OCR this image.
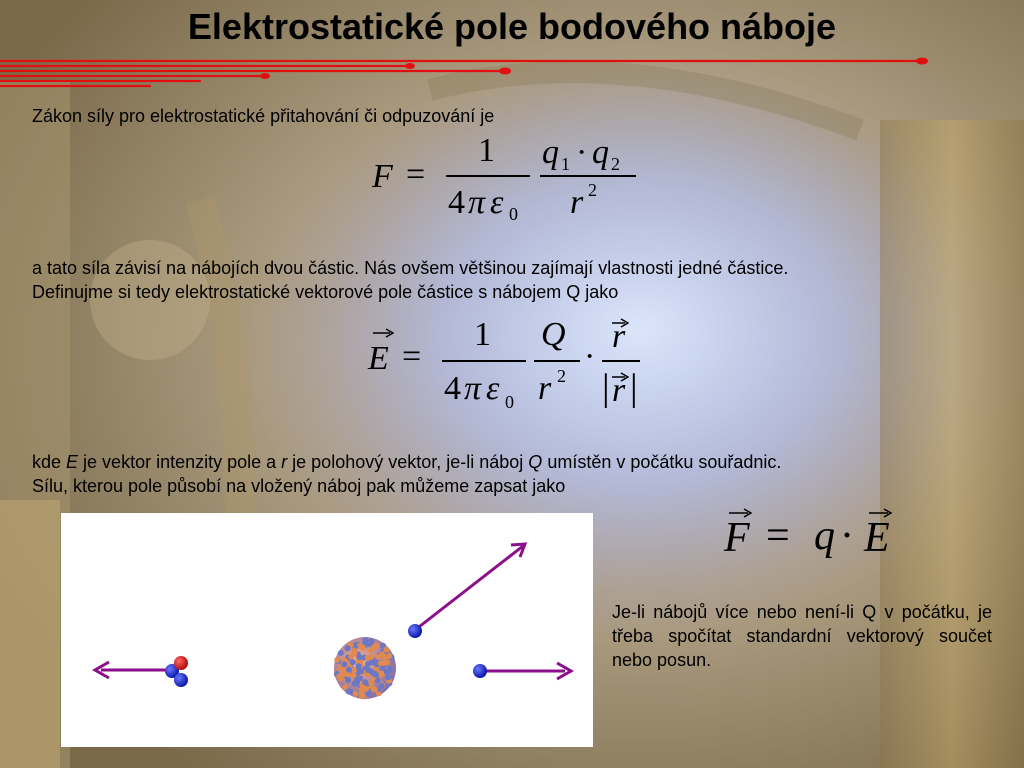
Elektrostatické pole bodového náboje
Zákon síly pro elektrostatické přitahování či odpuzování je
F =
1
4 π ε 0
q 1 · q 2
r 2
a tato síla závisí na nábojích dvou částic. Nás ovšem většinou zajímají vlastnosti jedné částice.
Definujme si tedy elektrostatické vektorové pole částice s nábojem Q jako
E =
1
4 π ε 0
Q
r 2
·
r
| r |
kde E je vektor intenzity pole a r je polohový vektor, je-li náboj Q umístěn v počátku souřadnic.
Sílu, kterou pole působí na vložený náboj pak můžeme zapsat jako
F = q · E
Je-li nábojů více nebo není-li Q v počátku, je třeba spočítat standardní vektorový součet nebo posun.
